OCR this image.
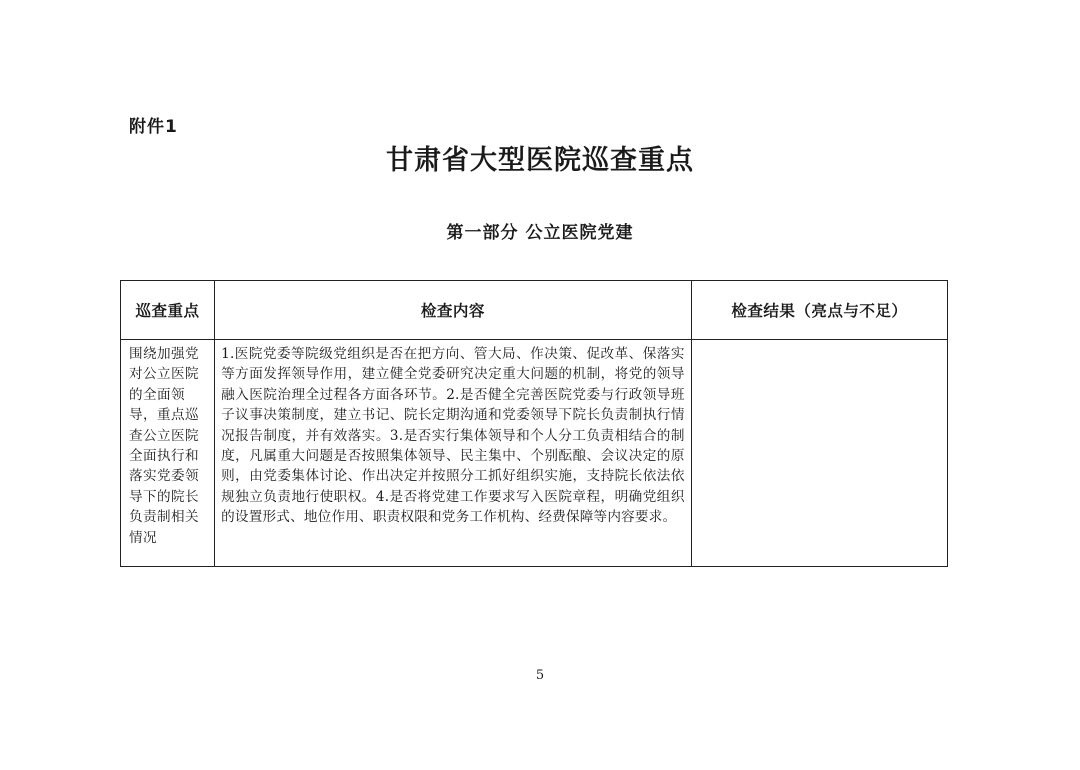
附件1
甘肃省大型医院巡查重点
第一部分 公立医院党建
巡查重点	检查内容	检查结果（亮点与不足）
围绕加强党对公立医院的全面领导，重点巡查公立医院全面执行和落实党委领导下的院长负责制相关情况	1.医院党委等院级党组织是否在把方向、管大局、作决策、促改革、保落实等方面发挥领导作用，建立健全党委研究决定重大问题的机制，将党的领导融入医院治理全过程各方面各环节。2.是否健全完善医院党委与行政领导班子议事决策制度，建立书记、院长定期沟通和党委领导下院长负责制执行情况报告制度，并有效落实。3.是否实行集体领导和个人分工负责相结合的制度，凡属重大问题是否按照集体领导、民主集中、个别酝酿、会议决定的原则，由党委集体讨论、作出决定并按照分工抓好组织实施，支持院长依法依规独立负责地行使职权。4.是否将党建工作要求写入医院章程，明确党组织的设置形式、地位作用、职责权限和党务工作机构、经费保障等内容要求。	
5
